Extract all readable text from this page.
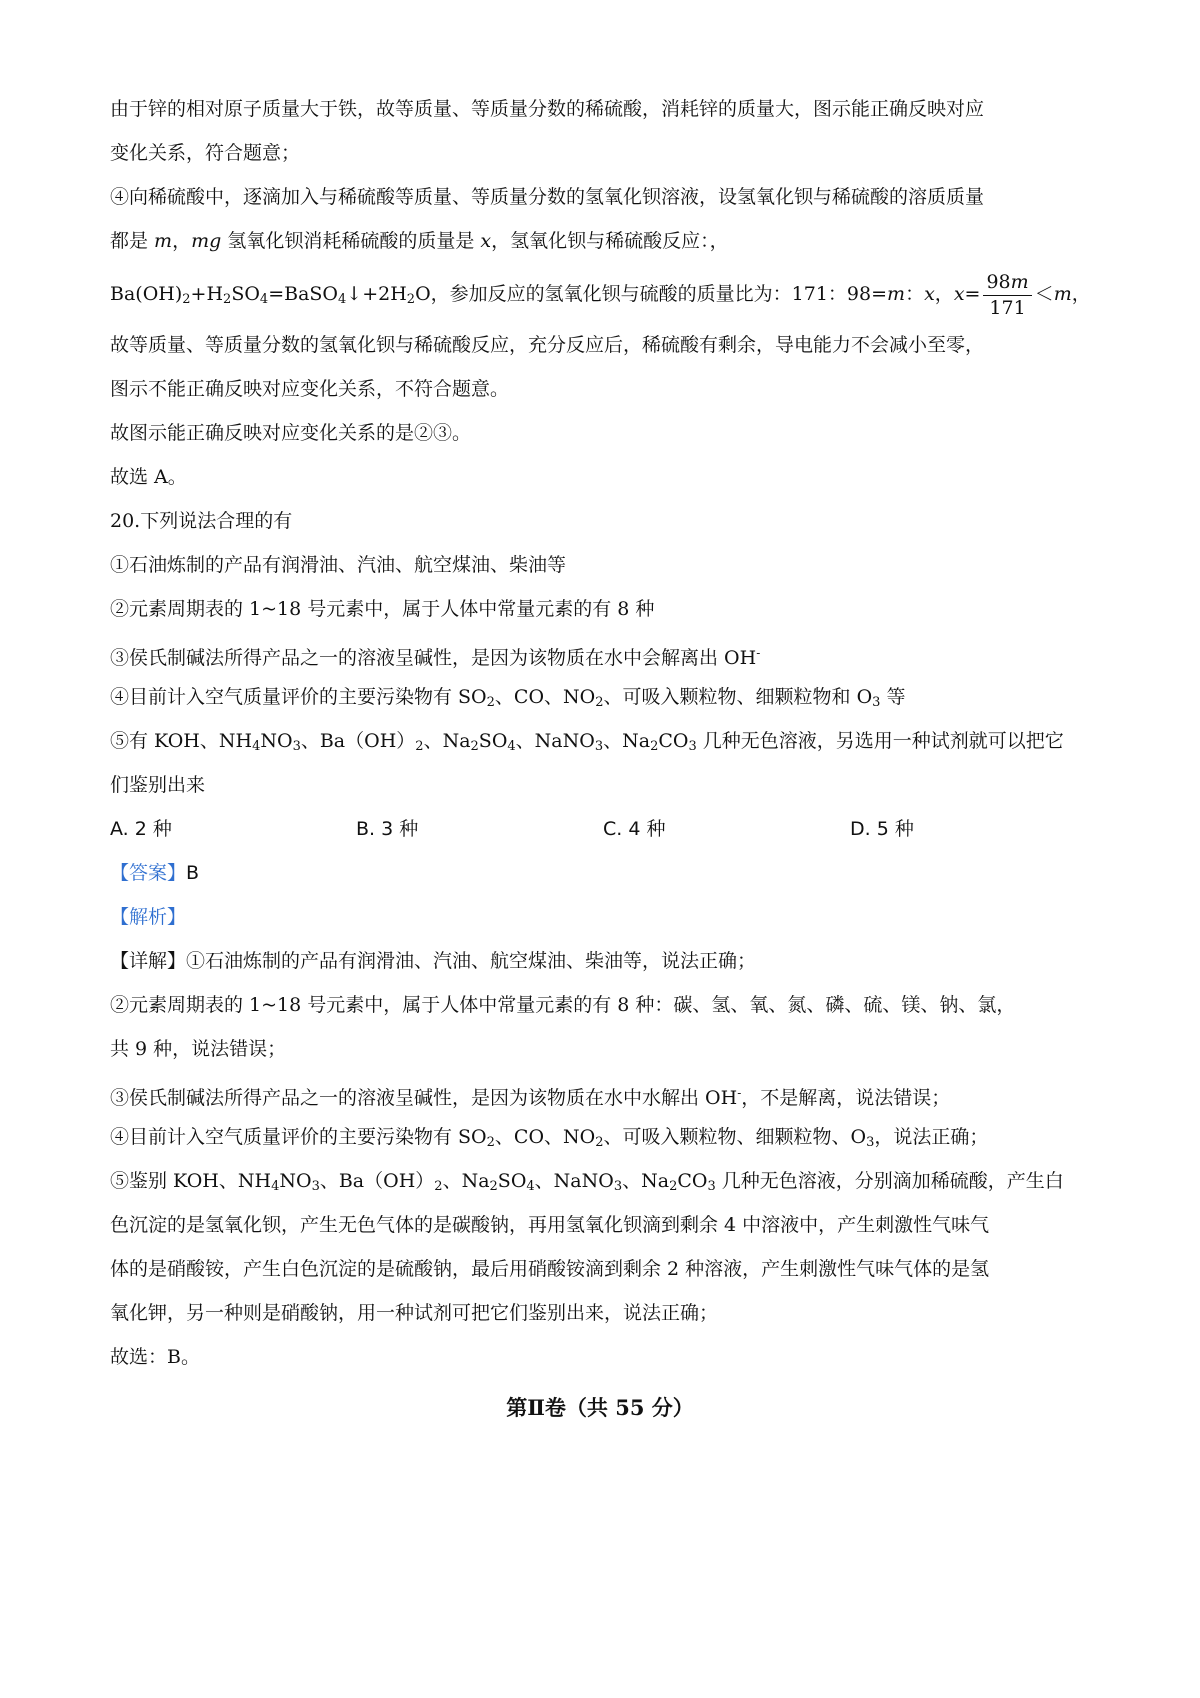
由于锌的相对原子质量大于铁，故等质量、等质量分数的稀硫酸，消耗锌的质量大，图示能正确反映对应
变化关系，符合题意；
④向稀硫酸中，逐滴加入与稀硫酸等质量、等质量分数的氢氧化钡溶液，设氢氧化钡与稀硫酸的溶质质量
都是 m，mg 氢氧化钡消耗稀硫酸的质量是 x，氢氧化钡与稀硫酸反应：，
$Ba(OH)_2+H_2SO_4=BaSO_4↓+2H_2O$，参加反应的氢氧化钡与硫酸的质量比为：171：98=m：x，$x= \frac{98m}{171} <m$，
故等质量、等质量分数的氢氧化钡与稀硫酸反应，充分反应后，稀硫酸有剩余，导电能力不会减小至零，
图示不能正确反映对应变化关系，不符合题意。
故图示能正确反映对应变化关系的是②③。
故选 A。
20.下列说法合理的有
①石油炼制的产品有润滑油、汽油、航空煤油、柴油等
②元素周期表的 1~18 号元素中，属于人体中常量元素的有 8 种
③侯氏制碱法所得产品之一的溶液呈碱性，是因为该物质在水中会解离出 OH-
④目前计入空气质量评价的主要污染物有 $SO_2$、CO、$NO_2$、可吸入颗粒物、细颗粒物和 $O_3$ 等
⑤有 KOH、$NH_4NO_3$、$Ba(OH)_2$、$Na_2SO_4$、NaNO$_3$、$Na_2CO_3$ 几种无色溶液，另选用一种试剂就可以把它
们鉴别出来
A. 2 种	B. 3 种	C. 4 种	D. 5 种
【答案】B
【解析】
【详解】①石油炼制的产品有润滑油、汽油、航空煤油、柴油等，说法正确；
②元素周期表的 1~18 号元素中，属于人体中常量元素的有 8 种：碳、氢、氧、氮、磷、硫、镁、钠、氯，
共 9 种，说法错误；
③侯氏制碱法所得产品之一的溶液呈碱性，是因为该物质在水中水解出 OH-，不是解离，说法错误；
④目前计入空气质量评价的主要污染物有 $SO_2$、CO、$NO_2$、可吸入颗粒物、细颗粒物、$O_3$，说法正确；
⑤鉴别 KOH、$NH_4NO_3$、$Ba(OH)_2$、$Na_2SO_4$、NaNO$_3$、$Na_2CO_3$ 几种无色溶液，分别滴加稀硫酸，产生白
色沉淀的是氢氧化钡，产生无色气体的是碳酸钠，再用氢氧化钡滴到剩余 4 中溶液中，产生刺激性气味气
体的是硝酸铵，产生白色沉淀的是硫酸钠，最后用硝酸铵滴到剩余 2 种溶液，产生刺激性气味气体的是氢
氧化钾，另一种则是硝酸钠，用一种试剂可把它们鉴别出来，说法正确；
故选：B。
第Ⅱ卷（共 55 分）
